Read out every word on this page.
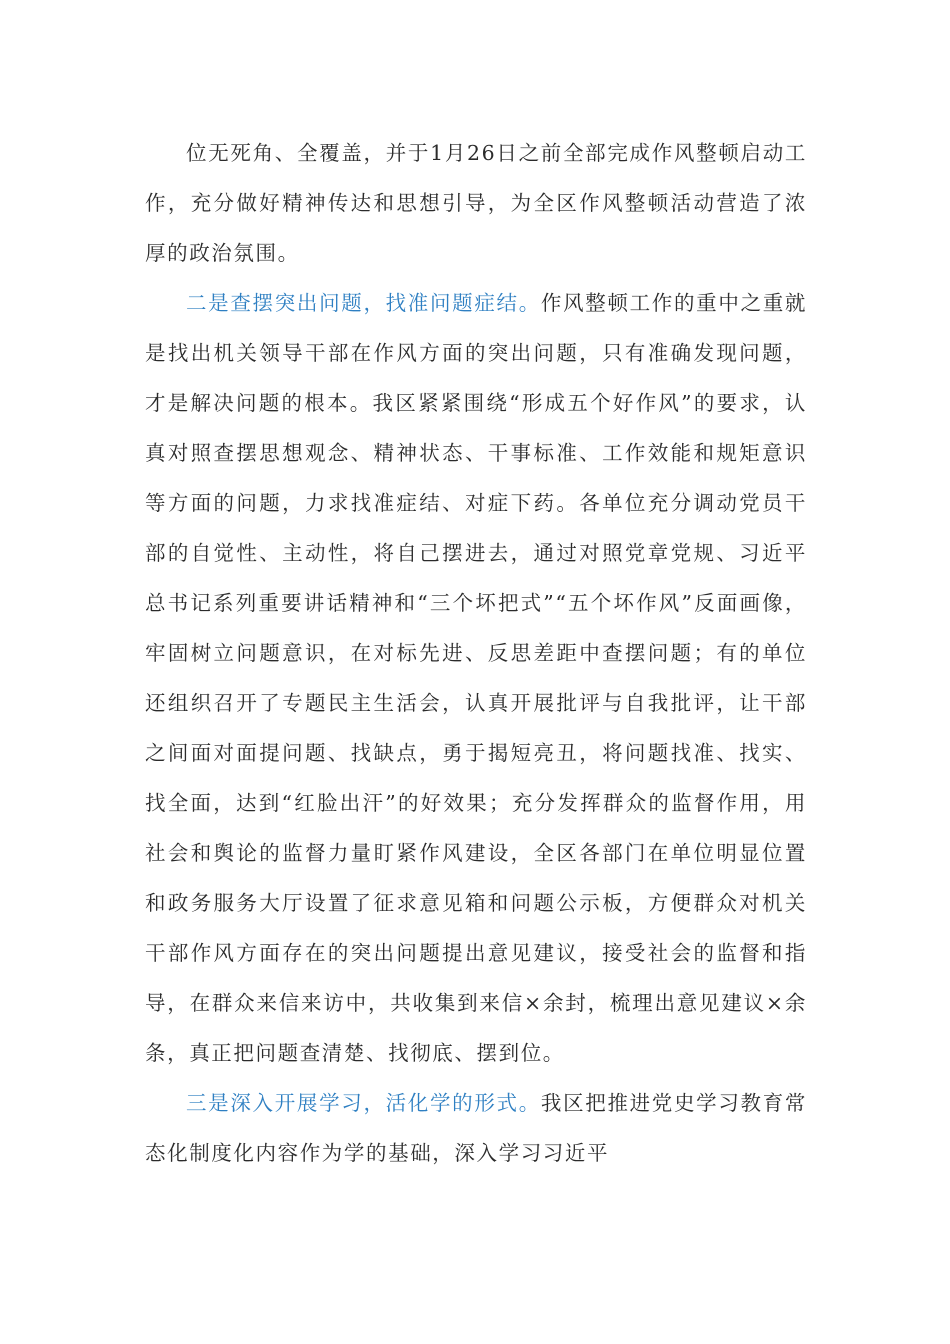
位无死角、全覆盖，并于1月26日之前全部完成作风整顿启动工作，充分做好精神传达和思想引导，为全区作风整顿活动营造了浓厚的政治氛围。

二是查摆突出问题，找准问题症结。作风整顿工作的重中之重就是找出机关领导干部在作风方面的突出问题，只有准确发现问题，才是解决问题的根本。我区紧紧围绕“形成五个好作风”的要求，认真对照查摆思想观念、精神状态、干事标准、工作效能和规矩意识等方面的问题，力求找准症结、对症下药。各单位充分调动党员干部的自觉性、主动性，将自己摆进去，通过对照党章党规、习近平总书记系列重要讲话精神和“三个坏把式”“五个坏作风”反面画像，牢固树立问题意识，在对标先进、反思差距中查摆问题；有的单位还组织召开了专题民主生活会，认真开展批评与自我批评，让干部之间面对面提问题、找缺点，勇于揭短亮丑，将问题找准、找实、找全面，达到“红脸出汗”的好效果；充分发挥群众的监督作用，用社会和舆论的监督力量盯紧作风建设，全区各部门在单位明显位置和政务服务大厅设置了征求意见箱和问题公示板，方便群众对机关干部作风方面存在的突出问题提出意见建议，接受社会的监督和指导，在群众来信来访中，共收集到来信×余封，梳理出意见建议×余条，真正把问题查清楚、找彻底、摆到位。

三是深入开展学习，活化学的形式。我区把推进党史学习教育常态化制度化内容作为学的基础，深入学习习近平
